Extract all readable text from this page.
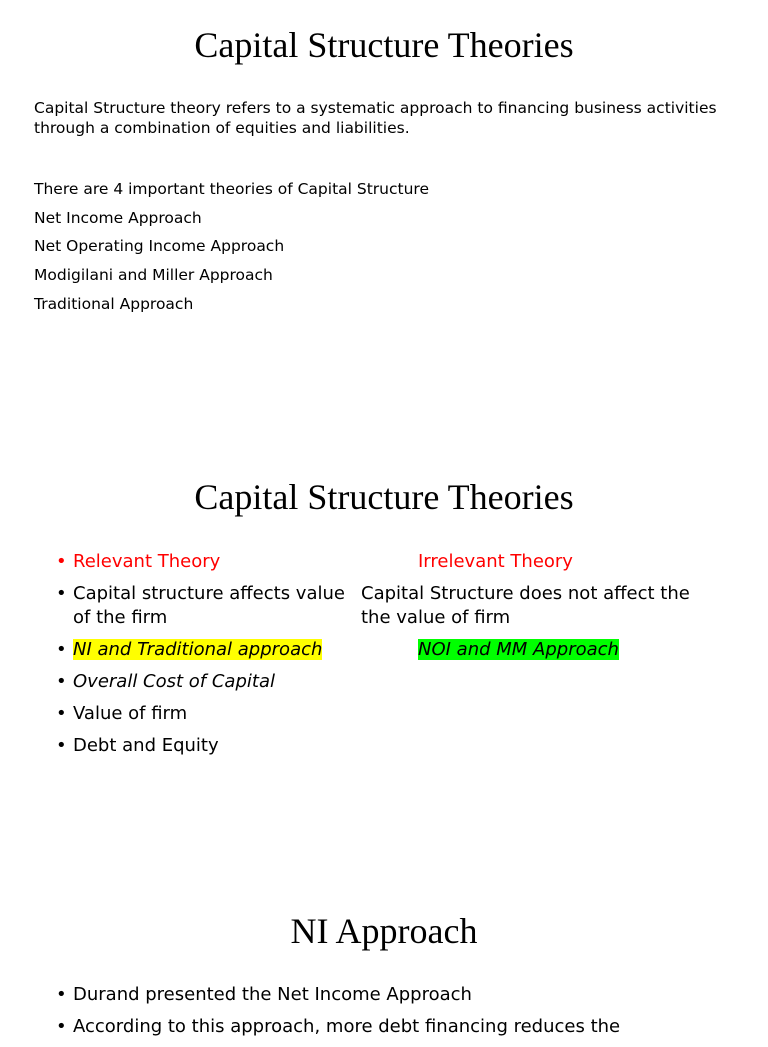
Capital Structure Theories

Capital Structure theory refers to a systematic approach to financing business activities through a combination of equities and liabilities.

There are 4 important theories of Capital Structure
Net Income Approach
Net Operating Income Approach
Modigilani and Miller Approach
Traditional Approach
Capital Structure Theories
• Relevant Theory
• Capital structure affects value of the firm
• NI and Traditional approach
• Overall Cost of Capital
• Value of firm
• Debt and Equity

Irrelevant Theory

Capital Structure does not affect the the value of firm

NOI and MM Approach

NI Approach
• Durand presented the Net Income Approach
• According to this approach, more debt financing reduces the
